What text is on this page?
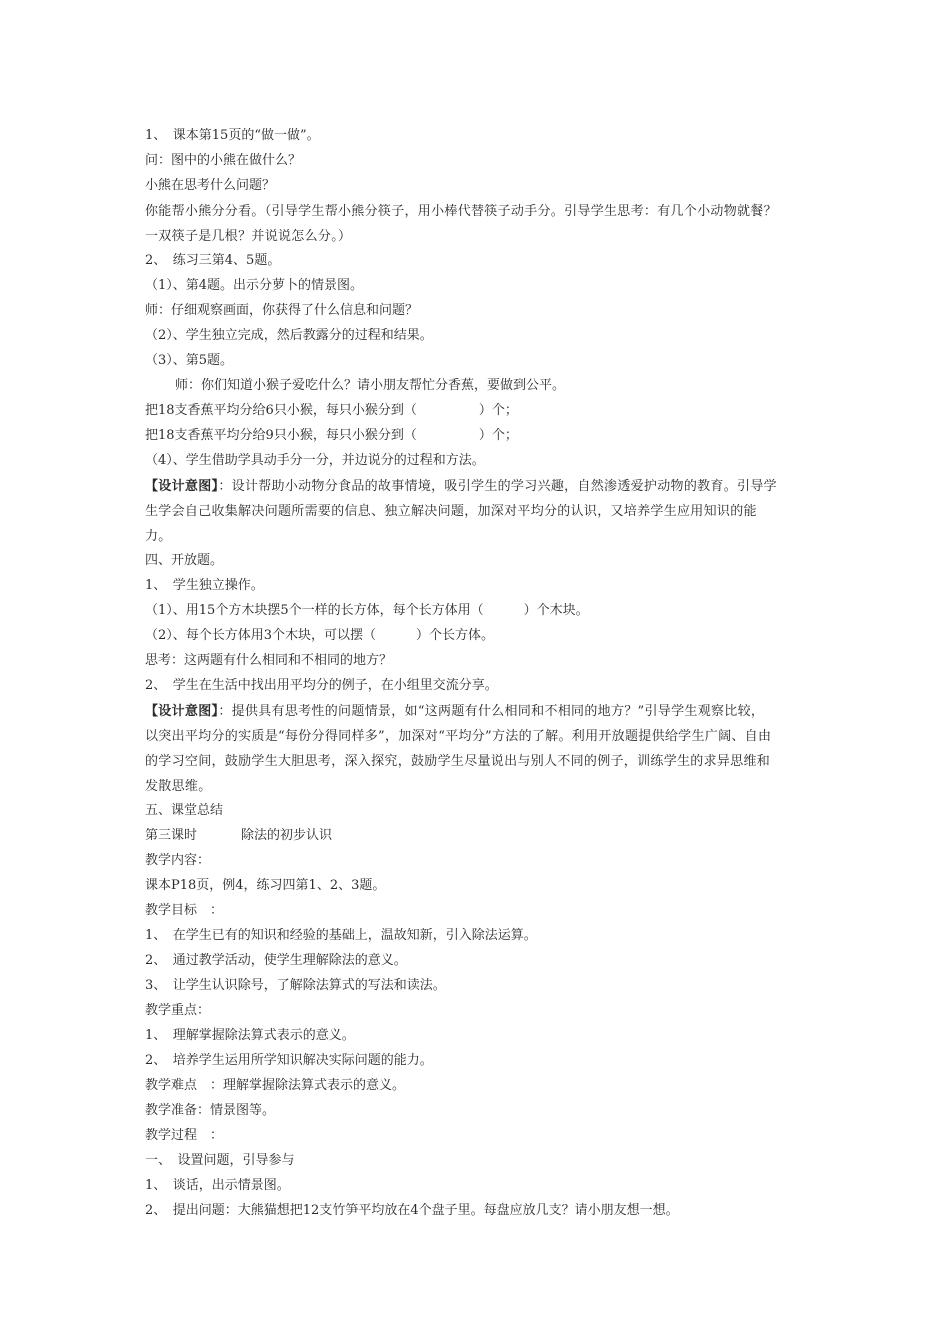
1、　课本第15页的“做一做”。
问：图中的小熊在做什么？
小熊在思考什么问题？
你能帮小熊分分看。（引导学生帮小熊分筷子，用小棒代替筷子动手分。引导学生思考：有几个小动物就餐？一双筷子是几根？并说说怎么分。）
2、　练习三第4、5题。
（1）、第4题。出示分萝卜的情景图。
师：仔细观察画面，你获得了什么信息和问题？
（2）、学生独立完成，然后教露分的过程和结果。
（3）、第5题。
师：你们知道小猴子爱吃什么？请小朋友帮忙分香蕉，要做到公平。
把18支香蕉平均分给6只小猴，每只小猴分到（	）个；
把18支香蕉平均分给9只小猴，每只小猴分到（	）个；
（4）、学生借助学具动手分一分，并边说分的过程和方法。
【设计意图】：设计帮助小动物分食品的故事情境，吸引学生的学习兴趣，自然渗透爱护动物的教育。引导学生学会自己收集解决问题所需要的信息、独立解决问题，加深对平均分的认识，又培养学生应用知识的能力。
四、开放题。
1、　学生独立操作。
（1）、用15个方木块摆5个一样的长方体，每个长方体用（	）个木块。
（2）、每个长方体用3个木块，可以摆（	）个长方体。
思考：这两题有什么相同和不相同的地方？
2、　学生在生活中找出用平均分的例子，在小组里交流分享。
【设计意图】：提供具有思考性的问题情景，如“这两题有什么相同和不相同的地方？”引导学生观察比较，以突出平均分的实质是“每份分得同样多”，加深对“平均分”方法的了解。利用开放题提供给学生广阔、自由的学习空间，鼓励学生大胆思考，深入探究，鼓励学生尽量说出与别人不同的例子，训练学生的求异思维和发散思维。
五、课堂总结
第三课时	除法的初步认识
教学内容：
课本P18页，例4，练习四第1、2、3题。
教学目标　：
1、　在学生已有的知识和经验的基础上，温故知新，引入除法运算。
2、　通过教学活动，使学生理解除法的意义。
3、　让学生认识除号，了解除法算式的写法和读法。
教学重点：
1、　理解掌握除法算式表示的意义。
2、　培养学生运用所学知识解决实际问题的能力。
教学难点　：理解掌握除法算式表示的意义。
教学准备：情景图等。
教学过程　：
一、　设置问题，引导参与
1、　谈话，出示情景图。
2、　提出问题：大熊猫想把12支竹笋平均放在4个盘子里。每盘应放几支？请小朋友想一想。
